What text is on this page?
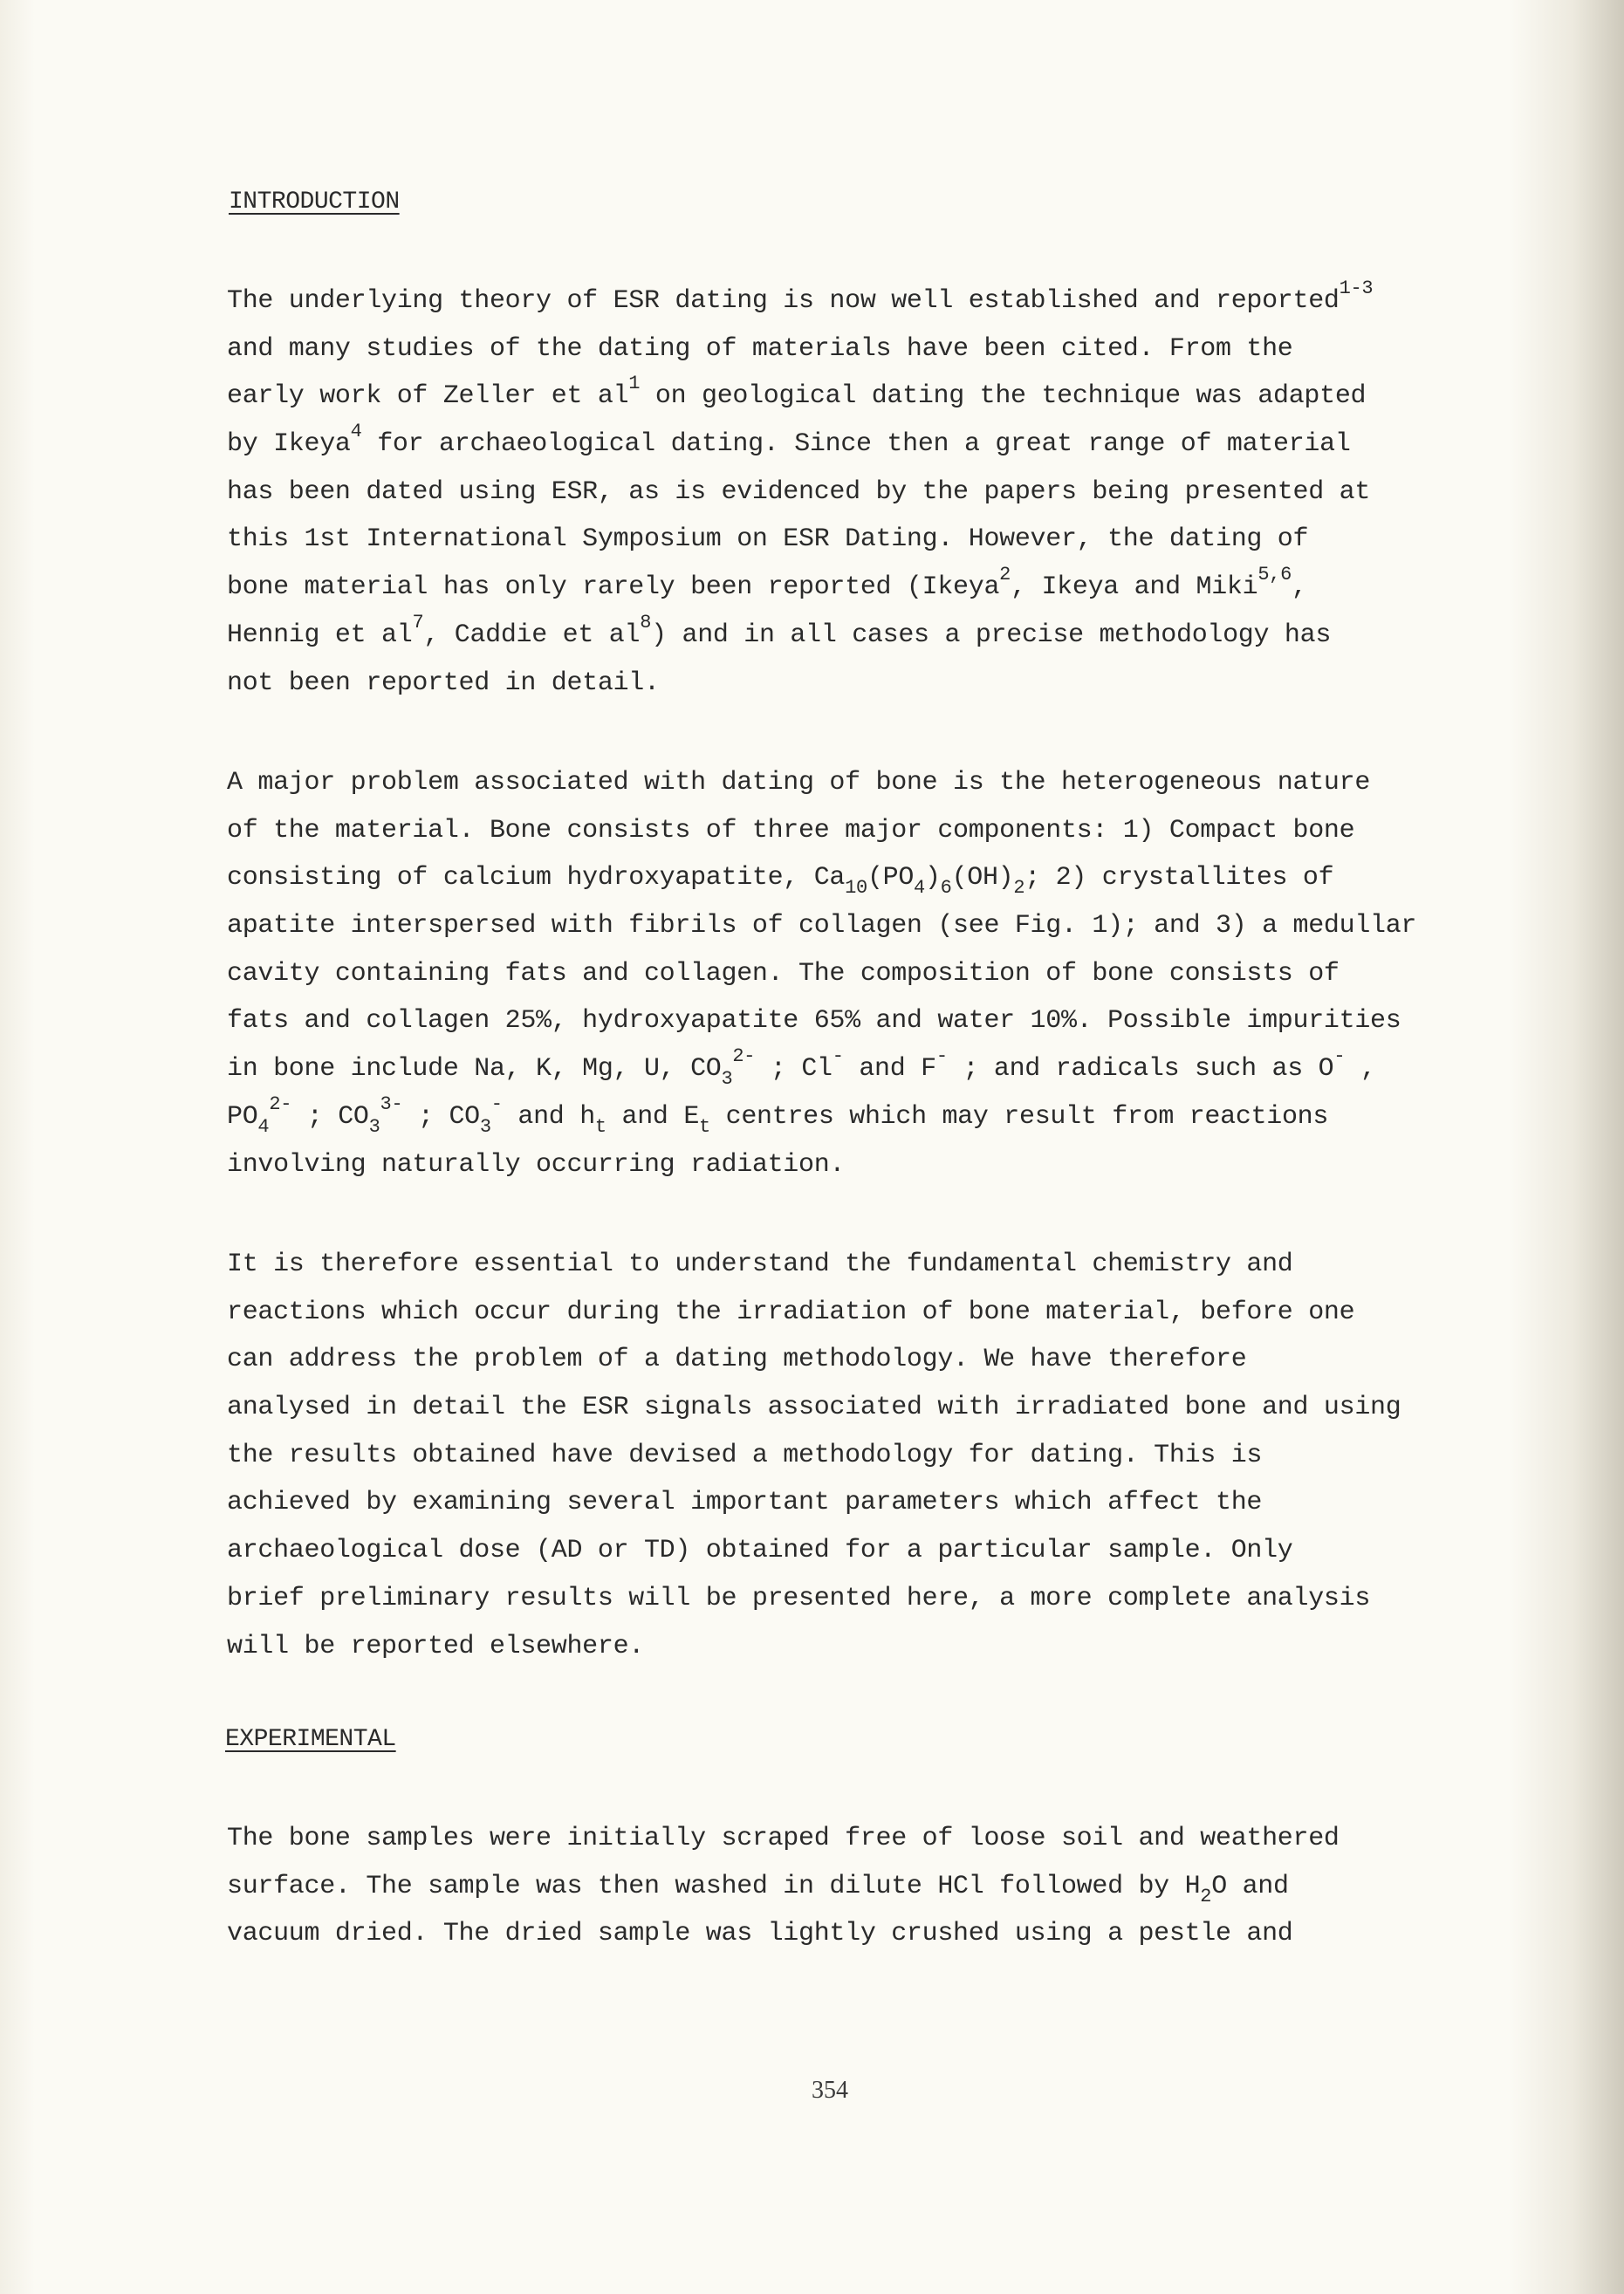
INTRODUCTION
The underlying theory of ESR dating is now well established and reported$^{1-3}$
and many studies of the dating of materials have been cited. From the
early work of Zeller et $al^1$ on geological dating the technique was adapted
by Ikeya$^4$ for archaeological dating. Since then a great range of material
has been dated using ESR, as is evidenced by the papers being presented at
this 1st International Symposium on ESR Dating. However, the dating of
bone material has only rarely been reported (Ikeya$^2$, Ikeya and Miki$^{5,6}$,
Hennig et $al^7$, Caddie et $al^8$) and in all cases a precise methodology has
not been reported in detail.
A major problem associated with dating of bone is the heterogeneous nature
of the material. Bone consists of three major components: 1) Compact bone
consisting of calcium hydroxyapatite, $Ca_{10}(PO_4)_6(OH)_2$; 2) crystallites of
apatite interspersed with fibrils of collagen (see Fig. 1); and 3) a medullar
cavity containing fats and collagen. The composition of bone consists of
fats and collagen 25%, hydroxyapatite 65% and water 10%. Possible impurities
in bone include Na, K, Mg, U, $CO_3^{2-}$ ; Cl- and F- ; and radicals such as O- ,
$PO_4^{2-}$ ; $CO_3^{3-}$ ; $CO_3^-$ and $h_t$ and $E_t$ centres which may result from reactions
involving naturally occurring radiation.
It is therefore essential to understand the fundamental chemistry and
reactions which occur during the irradiation of bone material, before one
can address the problem of a dating methodology. We have therefore
analysed in detail the ESR signals associated with irradiated bone and using
the results obtained have devised a methodology for dating. This is
achieved by examining several important parameters which affect the
archaeological dose (AD or TD) obtained for a particular sample. Only
brief preliminary results will be presented here, a more complete analysis
will be reported elsewhere.
EXPERIMENTAL
The bone samples were initially scraped free of loose soil and weathered
surface. The sample was then washed in dilute HCl followed by $H_2O$ and
vacuum dried. The dried sample was lightly crushed using a pestle and
354
